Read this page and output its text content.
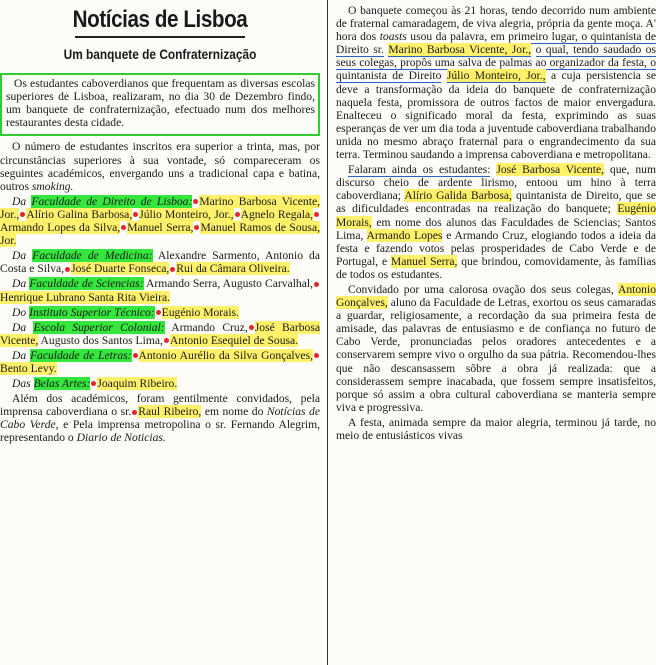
Notícias de Lisboa
Um banquete de Confraternização

Os estudantes caboverdianos que frequentam as diversas escolas superiores de Lisboa, realizaram, no dia 30 de Dezembro findo, um banquete de confraternização, efectuado num dos melhores restaurantes desta cidade.

O número de estudantes inscritos era superior a trinta, mas, por circunstâncias superiores à sua vontade, só compareceram os seguintes académicos, envergando uns a tradicional capa e batina, outros smoking.

Da Faculdade de Direito de Lisboa: Marino Barbosa Vicente, Jor., Alírio Galina Barbosa, Júlio Monteiro, Jor., Agnelo Regala,Armando Lopes da Silva, Manuel Serra, Manuel Ramos de Sousa, Jor.

Da Faculdade de Medicina: Alexandre Sarmento, Antonio da Costa e Silva, José Duarte Fonseca, Rui da Câmara Oliveira.

Da Faculdade de Sciencias: Armando Serra, Augusto Carvalhal,Henrique Lubrano Santa Rita Vieira.

Do Instituto Superior Técnico: Eugénio Morais.

Da Escola Superior Colonial: Armando Cruz, José Barbosa Vicente, Augusto dos Santos Lima, Antonio Esequiel de Sousa.

Da Faculdade de Letras: Antonio Aurélio da Silva Gonçalves,Bento Levy.

Das Belas Artes: Joaquim Ribeiro.

Além dos académicos, foram gentilmente convidados, pela imprensa caboverdiana o sr. Raul Ribeiro, em nome do Notícias de Cabo Verde, e Pela imprensa metropolina o sr. Fernando Alegrim, representando o Diario de Noticias.

O banquete começou às 21 horas, tendo decorrido num ambiente de fraternal camaradagem, de viva alegria, própria da gente moça. A' hora dos toasts usou da palavra, em primeiro lugar, o quintanista de Direito sr. Marino Barbosa Vicente, Jor., o qual, tendo saudado os seus colegas, propôs uma salva de palmas ao organizador da festa, o quintanista de Direito Júlio Monteiro, Jor., a cuja persistencia se deve a transformação da ideia do banquete de confraternização naquela festa, promissora de outros factos de maior envergadura. Enalteceu o significado moral da festa, exprimindo as suas esperanças de ver um dia toda a juventude caboverdiana trabalhando unida no mesmo abraço fraternal para o engrandecimento da sua terra. Terminou saudando a imprensa caboverdiana e metropolitana.

Falaram ainda os estudantes: José Barbosa Vicente, que, num discurso cheio de ardente lirismo, entoou um hino à terra caboverdiana; Alírio Galida Barbosa, quintanista de Direito, que se as dificuldades encontradas na realização do banquete; Eugénio Morais, em nome dos alunos das Faculdades de Sciencias; Santos Lima, Armando Lopes e Armando Cruz, elogiando todos a ideia da festa e fazendo votos pelas prosperidades de Cabo Verde e de Portugal, e Manuel Serra, que brindou, comovidamente, às famílias de todos os estudantes.

Convidado por uma calorosa ovação dos seus colegas, Antonio Gonçalves, aluno da Faculdade de Letras, exortou os seus camaradas a guardar, religiosamente, a recordação da sua primeira festa de amisade, das palavras de entusiasmo e de confiança no futuro de Cabo Verde, pronunciadas pelos oradores antecedentes e a conservarem sempre vivo o orgulho da sua pátria. Recomendou-lhes que não descansassem sôbre a obra já realizada: que a considerassem sempre inacabada, que fossem sempre insatisfeitos, porque só assim a obra cultural caboverdiana se manteria sempre viva e progressiva.

A festa, animada sempre da maior alegria, terminou já tarde, no meio de entusiásticos vivas
